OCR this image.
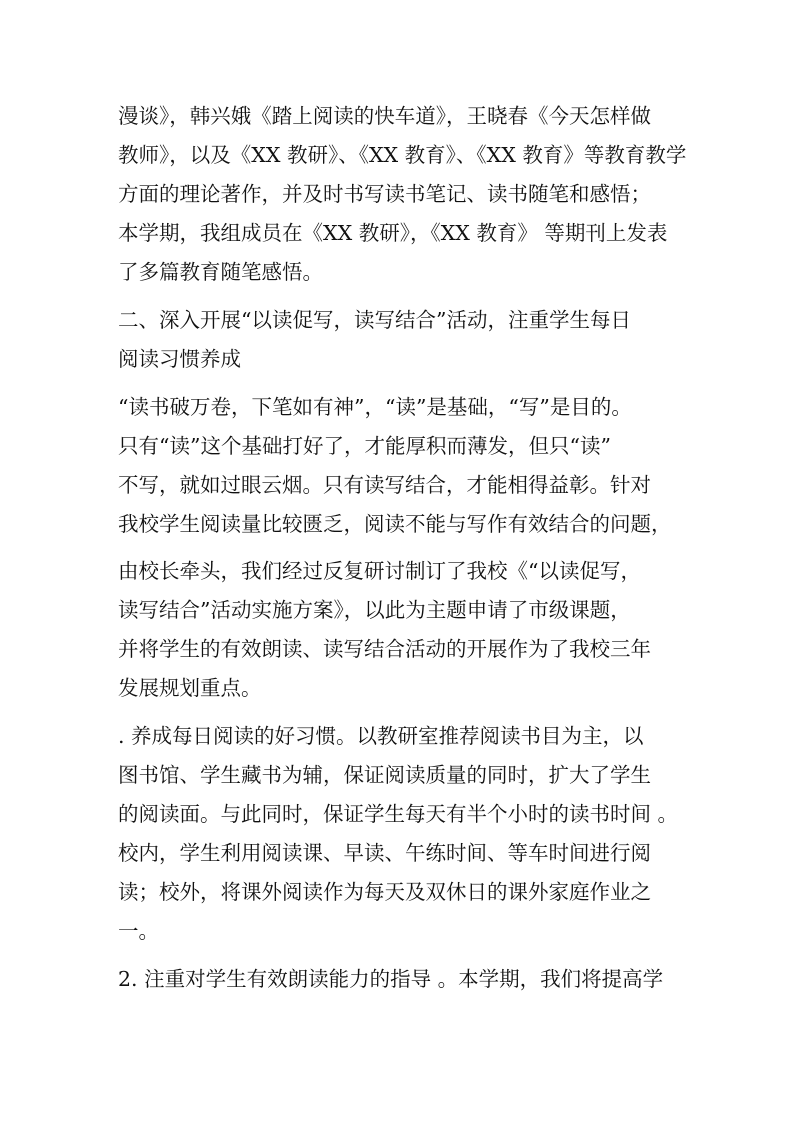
漫谈》，韩兴娥《踏上阅读的快车道》，王晓春《今天怎样做
教师》，以及《XX 教研》、《XX 教育》、《XX 教育》等教育教学
方面的理论著作，并及时书写读书笔记、读书随笔和感悟；
本学期，我组成员在《XX 教研》，《XX 教育》 等期刊上发表
了多篇教育随笔感悟。
二、深入开展“以读促写，读写结合”活动，注重学生每日
阅读习惯养成
“读书破万卷，下笔如有神”，“读”是基础，“写”是目的。
只有“读”这个基础打好了，才能厚积而薄发，但只“读”
不写，就如过眼云烟。只有读写结合，才能相得益彰。针对
我校学生阅读量比较匮乏，阅读不能与写作有效结合的问题，
由校长牵头，我们经过反复研讨制订了我校《“以读促写，
读写结合”活动实施方案》，以此为主题申请了市级课题，
并将学生的有效朗读、读写结合活动的开展作为了我校三年
发展规划重点。
. 养成每日阅读的好习惯。以教研室推荐阅读书目为主，以
图书馆、学生藏书为辅，保证阅读质量的同时，扩大了学生
的阅读面。与此同时，保证学生每天有半个小时的读书时间 。
校内，学生利用阅读课、早读、午练时间、等车时间进行阅
读；校外，将课外阅读作为每天及双休日的课外家庭作业之
一。
2. 注重对学生有效朗读能力的指导 。本学期，我们将提高学
